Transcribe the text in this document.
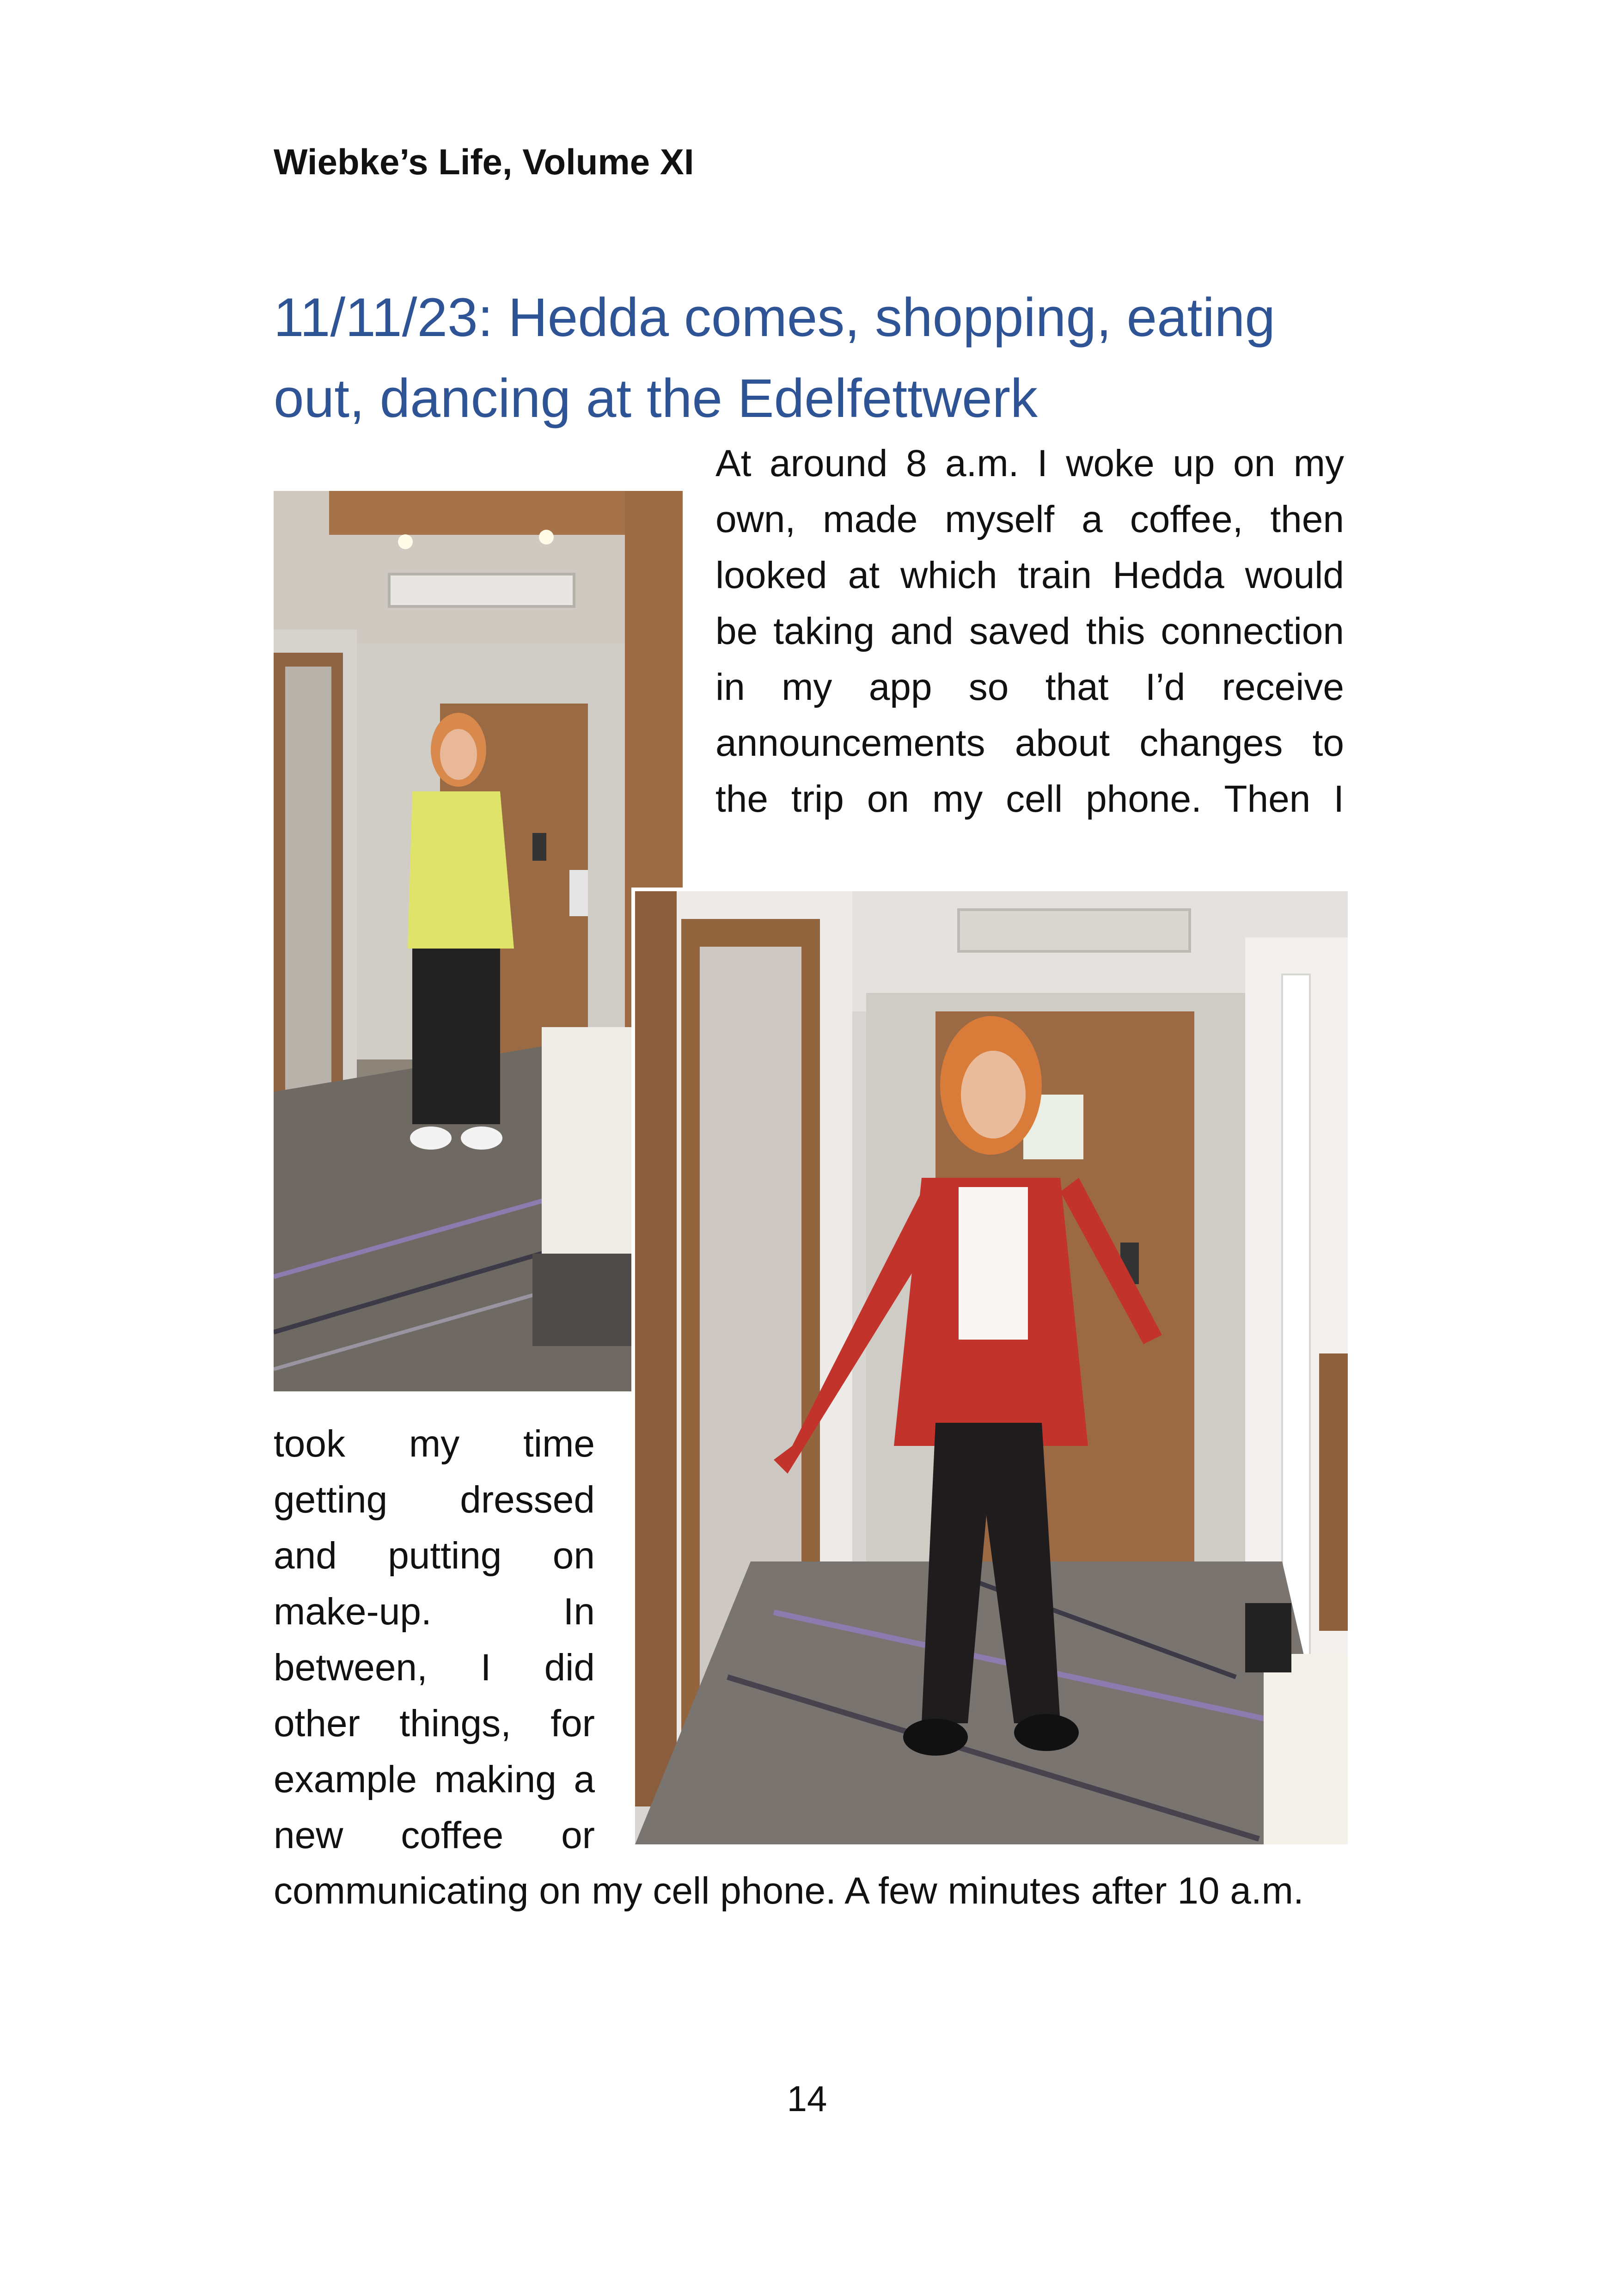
Wiebke’s Life, Volume XI
11/11/23: Hedda comes, shopping, eating out, dancing at the Edelfettwerk
At around 8 a.m. I woke up on my own, made myself a coffee, then looked at which train Hedda would be taking and saved this connection in my app so that I’d receive announcements about changes to the trip on my cell phone. Then I
took my time getting dressed and putting on make-up. In between, I did other things, for example making a new coffee or
communicating on my cell phone. A few minutes after 10 a.m.
14
